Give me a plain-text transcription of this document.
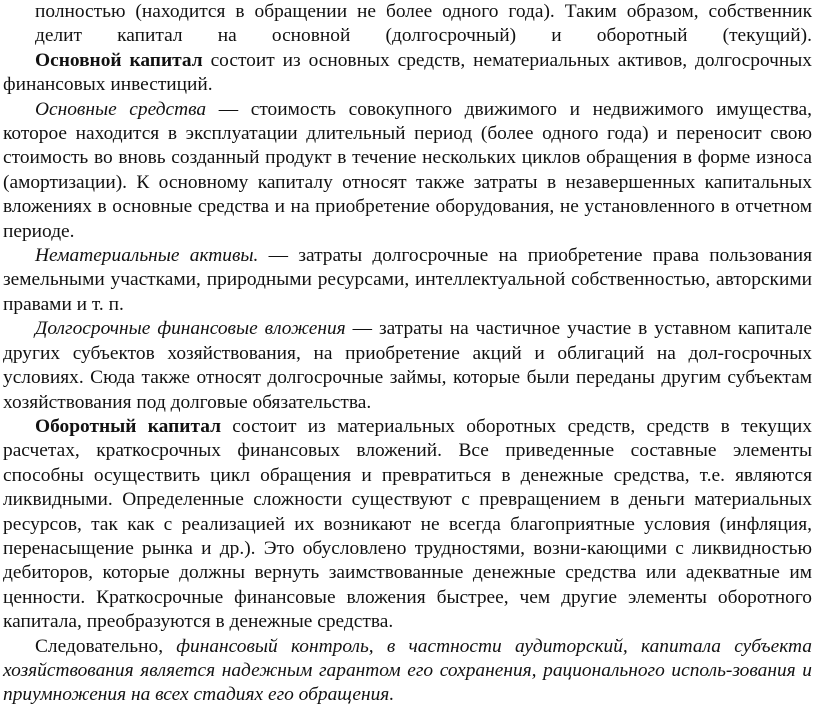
полностью (находится в обращении не более одного года). Таким образом, собственник делит капитал на основной (долгосрочный) и оборотный (текущий).

Основной капитал состоит из основных средств, нематериальных активов, долгосрочных финансовых инвестиций.

Основные средства — стоимость совокупного движимого и недвижимого имущества, которое находится в эксплуатации длительный период (более одного года) и переносит свою стоимость во вновь созданный продукт в течение нескольких циклов обращения в форме износа (амортизации). К основному капиталу относят также затраты в незавершенных капитальных вложениях в основные средства и на приобретение оборудования, не установленного в отчетном периоде.

Нематериальные активы. — затраты долгосрочные на приобретение права пользования земельными участками, природными ресурсами, интеллектуальной собственностью, авторскими правами и т. п.

Долгосрочные финансовые вложения — затраты на частичное участие в уставном капитале других субъектов хозяйствования, на приобретение акций и облигаций на дол-госрочных условиях. Сюда также относят долгосрочные займы, которые были переданы другим субъектам хозяйствования под долговые обязательства.

Оборотный капитал состоит из материальных оборотных средств, средств в текущих расчетах, краткосрочных финансовых вложений. Все приведенные составные элементы способны осуществить цикл обращения и превратиться в денежные средства, т.е. являются ликвидными. Определенные сложности существуют с превращением в деньги материальных ресурсов, так как с реализацией их возникают не всегда благоприятные условия (инфляция, перенасыщение рынка и др.). Это обусловлено трудностями, возни-кающими с ликвидностью дебиторов, которые должны вернуть заимствованные денежные средства или адекватные им ценности. Краткосрочные финансовые вложения быстрее, чем другие элементы оборотного капитала, преобразуются в денежные средства.

Следовательно, финансовый контроль, в частности аудиторский, капитала субъекта хозяйствования является надежным гарантом его сохранения, рационального исполь-зования и приумножения на всех стадиях его обращения.
